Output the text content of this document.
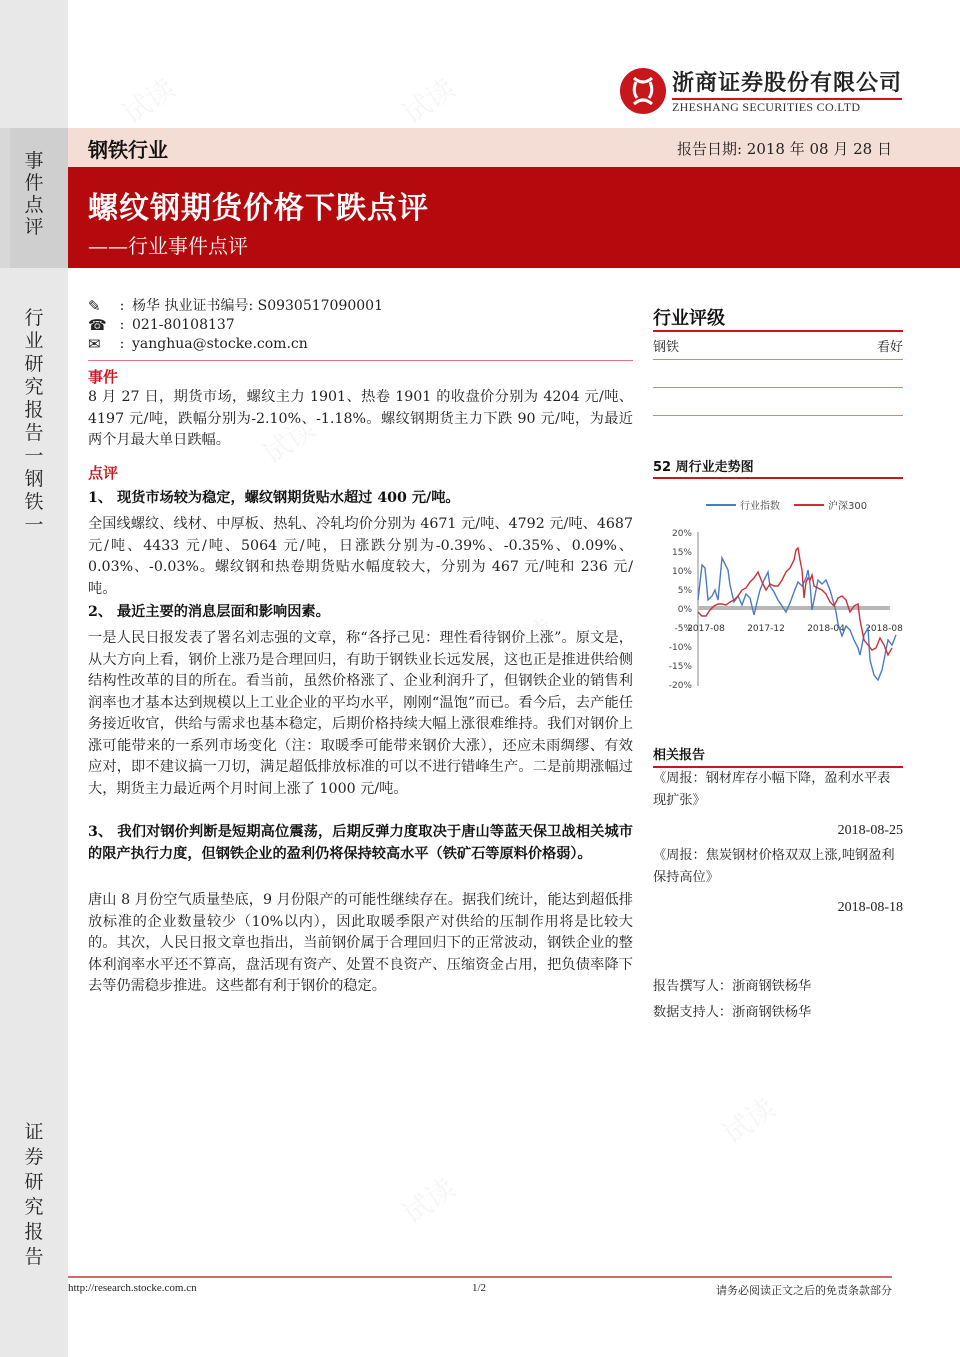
事
件
点
评
行
业
研
究
报
告
一
钢
铁
一
证
券
研
究
报
告
浙商证券股份有限公司
ZHESHANG SECURITIES CO.LTD
钢铁行业	报告日期: 2018 年 08 月 28 日
螺纹钢期货价格下跌点评
——行业事件点评
✎	: 杨华 执业证书编号: S0930517090001
☎ : 021-80108137
✉	: yanghua@stocke.com.cn
事件
8 月 27 日，期货市场，螺纹主力 1901、热卷 1901 的收盘价分别为 4204 元/吨、4197 元/吨，跌幅分别为-2.10%、-1.18%。螺纹钢期货主力下跌 90 元/吨，为最近两个月最大单日跌幅。
点评
1、 现货市场较为稳定，螺纹钢期货贴水超过 400 元/吨。
全国线螺纹、线材、中厚板、热轧、冷轧均价分别为 4671 元/吨、4792 元/吨、4687 元/吨、4433 元/吨、5064 元/吨，日涨跌分别为-0.39%、-0.35%、0.09%、0.03%、-0.03%。螺纹钢和热卷期货贴水幅度较大，分别为 467 元/吨和 236 元/吨。
2、 最近主要的消息层面和影响因素。
一是人民日报发表了署名刘志强的文章，称“各抒己见：理性看待钢价上涨”。原文是，从大方向上看，钢价上涨乃是合理回归，有助于钢铁业长远发展，这也正是推进供给侧结构性改革的目的所在。看当前，虽然价格涨了、企业利润升了，但钢铁企业的销售利润率也才基本达到规模以上工业企业的平均水平，刚刚“温饱”而已。看今后，去产能任务接近收官，供给与需求也基本稳定，后期价格持续大幅上涨很难维持。我们对钢价上涨可能带来的一系列市场变化（注：取暖季可能带来钢价大涨），还应未雨绸缪、有效应对，即不建议搞一刀切，满足超低排放标准的可以不进行错峰生产。二是前期涨幅过大，期货主力最近两个月时间上涨了 1000 元/吨。
3、 我们对钢价判断是短期高位震荡，后期反弹力度取决于唐山等蓝天保卫战相关城市的限产执行力度，但钢铁企业的盈利仍将保持较高水平（铁矿石等原料价格弱）。
唐山 8 月份空气质量垫底，9 月份限产的可能性继续存在。据我们统计，能达到超低排放标准的企业数量较少（10%以内），因此取暖季限产对供给的压制作用将是比较大的。其次，人民日报文章也指出，当前钢价属于合理回归下的正常波动，钢铁企业的整体利润率水平还不算高，盘活现有资产、处置不良资产、压缩资金占用，把负债率降下去等仍需稳步推进。这些都有利于钢价的稳定。
行业评级
钢铁	看好
52 周行业走势图
行业指数	沪深300
20%
15%
10%
5%
0%
-5%
-10%
-15%
-20%
2017-08 2017-12 2018-04 2018-08
相关报告
《周报：钢材库存小幅下降，盈利水平表现扩张》
2018-08-25
《周报：焦炭钢材价格双双上涨,吨钢盈利保持高位》
2018-08-18
报告撰写人：浙商钢铁杨华
数据支持人：浙商钢铁杨华
http://research.stocke.com.cn	1/2	请务必阅读正文之后的免责条款部分
试读	试读
试读
试读
试读
试读
试读
